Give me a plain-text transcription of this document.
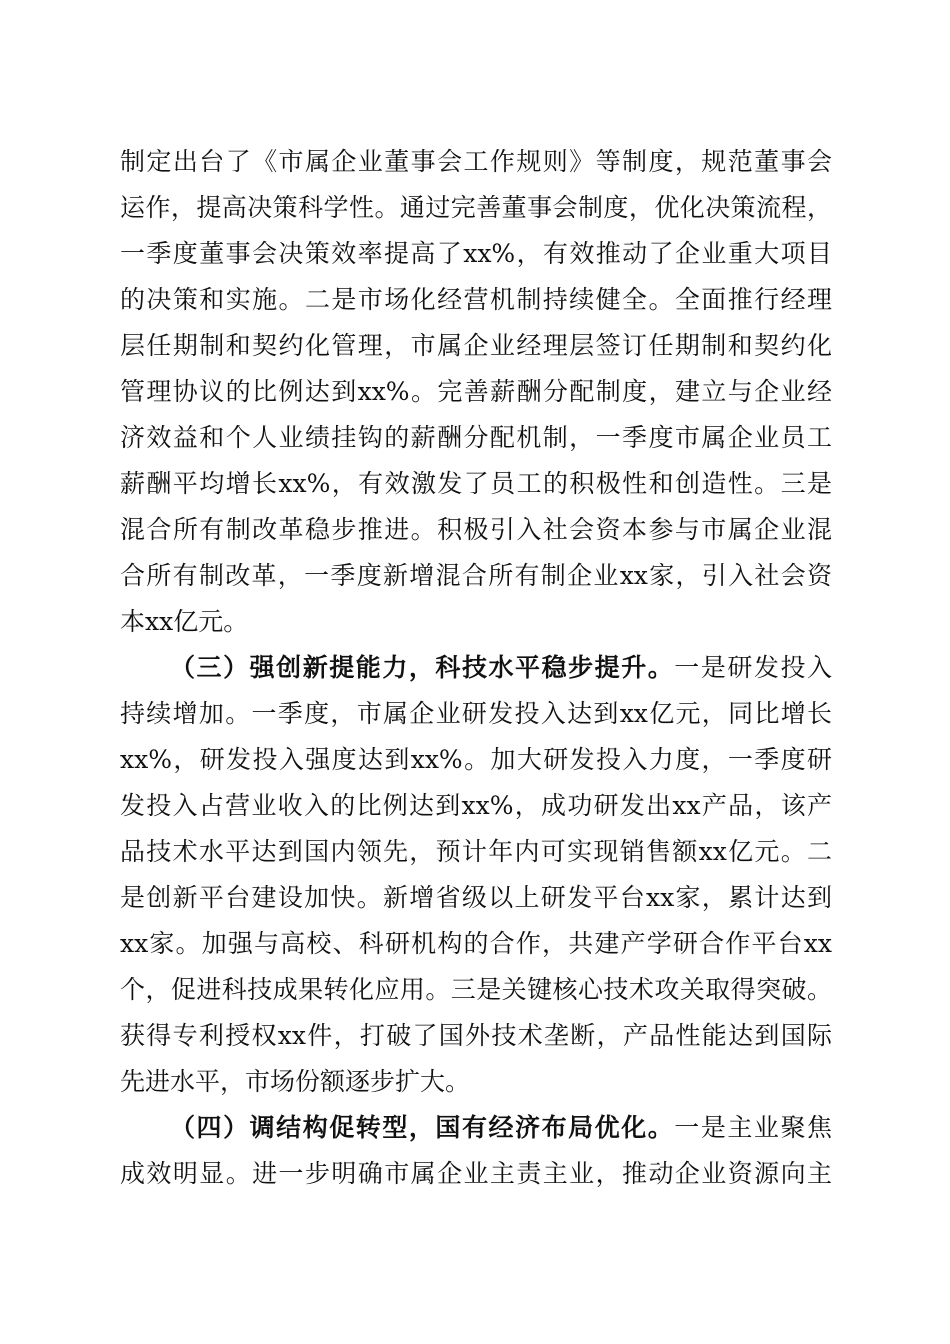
制定出台了《市属企业董事会工作规则》等制度，规范董事会
运作，提高决策科学性。通过完善董事会制度，优化决策流程，
一季度董事会决策效率提高了xx%，有效推动了企业重大项目
的决策和实施。二是市场化经营机制持续健全。全面推行经理
层任期制和契约化管理，市属企业经理层签订任期制和契约化
管理协议的比例达到xx%。完善薪酬分配制度，建立与企业经
济效益和个人业绩挂钩的薪酬分配机制，一季度市属企业员工
薪酬平均增长xx%，有效激发了员工的积极性和创造性。三是
混合所有制改革稳步推进。积极引入社会资本参与市属企业混
合所有制改革，一季度新增混合所有制企业xx家，引入社会资
本xx亿元。
（三）强创新提能力，科技水平稳步提升。一是研发投入
持续增加。一季度，市属企业研发投入达到xx亿元，同比增长
xx%，研发投入强度达到xx%。加大研发投入力度，一季度研
发投入占营业收入的比例达到xx%，成功研发出xx产品，该产
品技术水平达到国内领先，预计年内可实现销售额xx亿元。二
是创新平台建设加快。新增省级以上研发平台xx家，累计达到
xx家。加强与高校、科研机构的合作，共建产学研合作平台xx
个，促进科技成果转化应用。三是关键核心技术攻关取得突破。
获得专利授权xx件，打破了国外技术垄断，产品性能达到国际
先进水平，市场份额逐步扩大。
（四）调结构促转型，国有经济布局优化。一是主业聚焦
成效明显。进一步明确市属企业主责主业，推动企业资源向主
